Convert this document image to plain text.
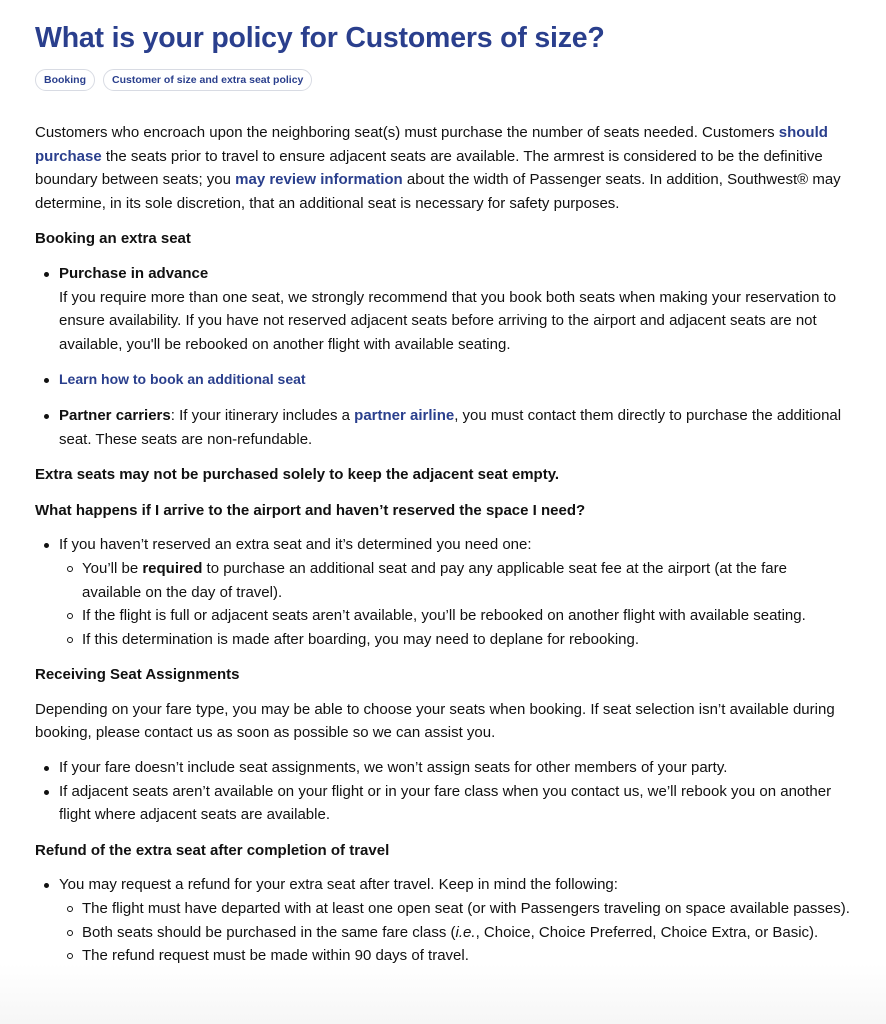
What is your policy for Customers of size?
Booking	Customer of size and extra seat policy

Customers who encroach upon the neighboring seat(s) must purchase the number of seats needed. Customers should purchase the seats prior to travel to ensure adjacent seats are available. The armrest is considered to be the definitive boundary between seats; you may review information about the width of Passenger seats. In addition, Southwest® may determine, in its sole discretion, that an additional seat is necessary for safety purposes.

Booking an extra seat

Purchase in advance
If you require more than one seat, we strongly recommend that you book both seats when making your reservation to ensure availability. If you have not reserved adjacent seats before arriving to the airport and adjacent seats are not available, you'll be rebooked on another flight with available seating.
Learn how to book an additional seat
Partner carriers: If your itinerary includes a partner airline, you must contact them directly to purchase the additional seat. These seats are non-refundable.

Extra seats may not be purchased solely to keep the adjacent seat empty.

What happens if I arrive to the airport and haven’t reserved the space I need?

If you haven’t reserved an extra seat and it’s determined you need one:
You’ll be required to purchase an additional seat and pay any applicable seat fee at the airport (at the fare available on the day of travel).
If the flight is full or adjacent seats aren’t available, you’ll be rebooked on another flight with available seating.
If this determination is made after boarding, you may need to deplane for rebooking.

Receiving Seat Assignments

Depending on your fare type, you may be able to choose your seats when booking. If seat selection isn’t available during booking, please contact us as soon as possible so we can assist you.

If your fare doesn’t include seat assignments, we won’t assign seats for other members of your party.
If adjacent seats aren’t available on your flight or in your fare class when you contact us, we’ll rebook you on another flight where adjacent seats are available.

Refund of the extra seat after completion of travel

You may request a refund for your extra seat after travel. Keep in mind the following:
The flight must have departed with at least one open seat (or with Passengers traveling on space available passes).
Both seats should be purchased in the same fare class (i.e., Choice, Choice Preferred, Choice Extra, or Basic).
The refund request must be made within 90 days of travel.
